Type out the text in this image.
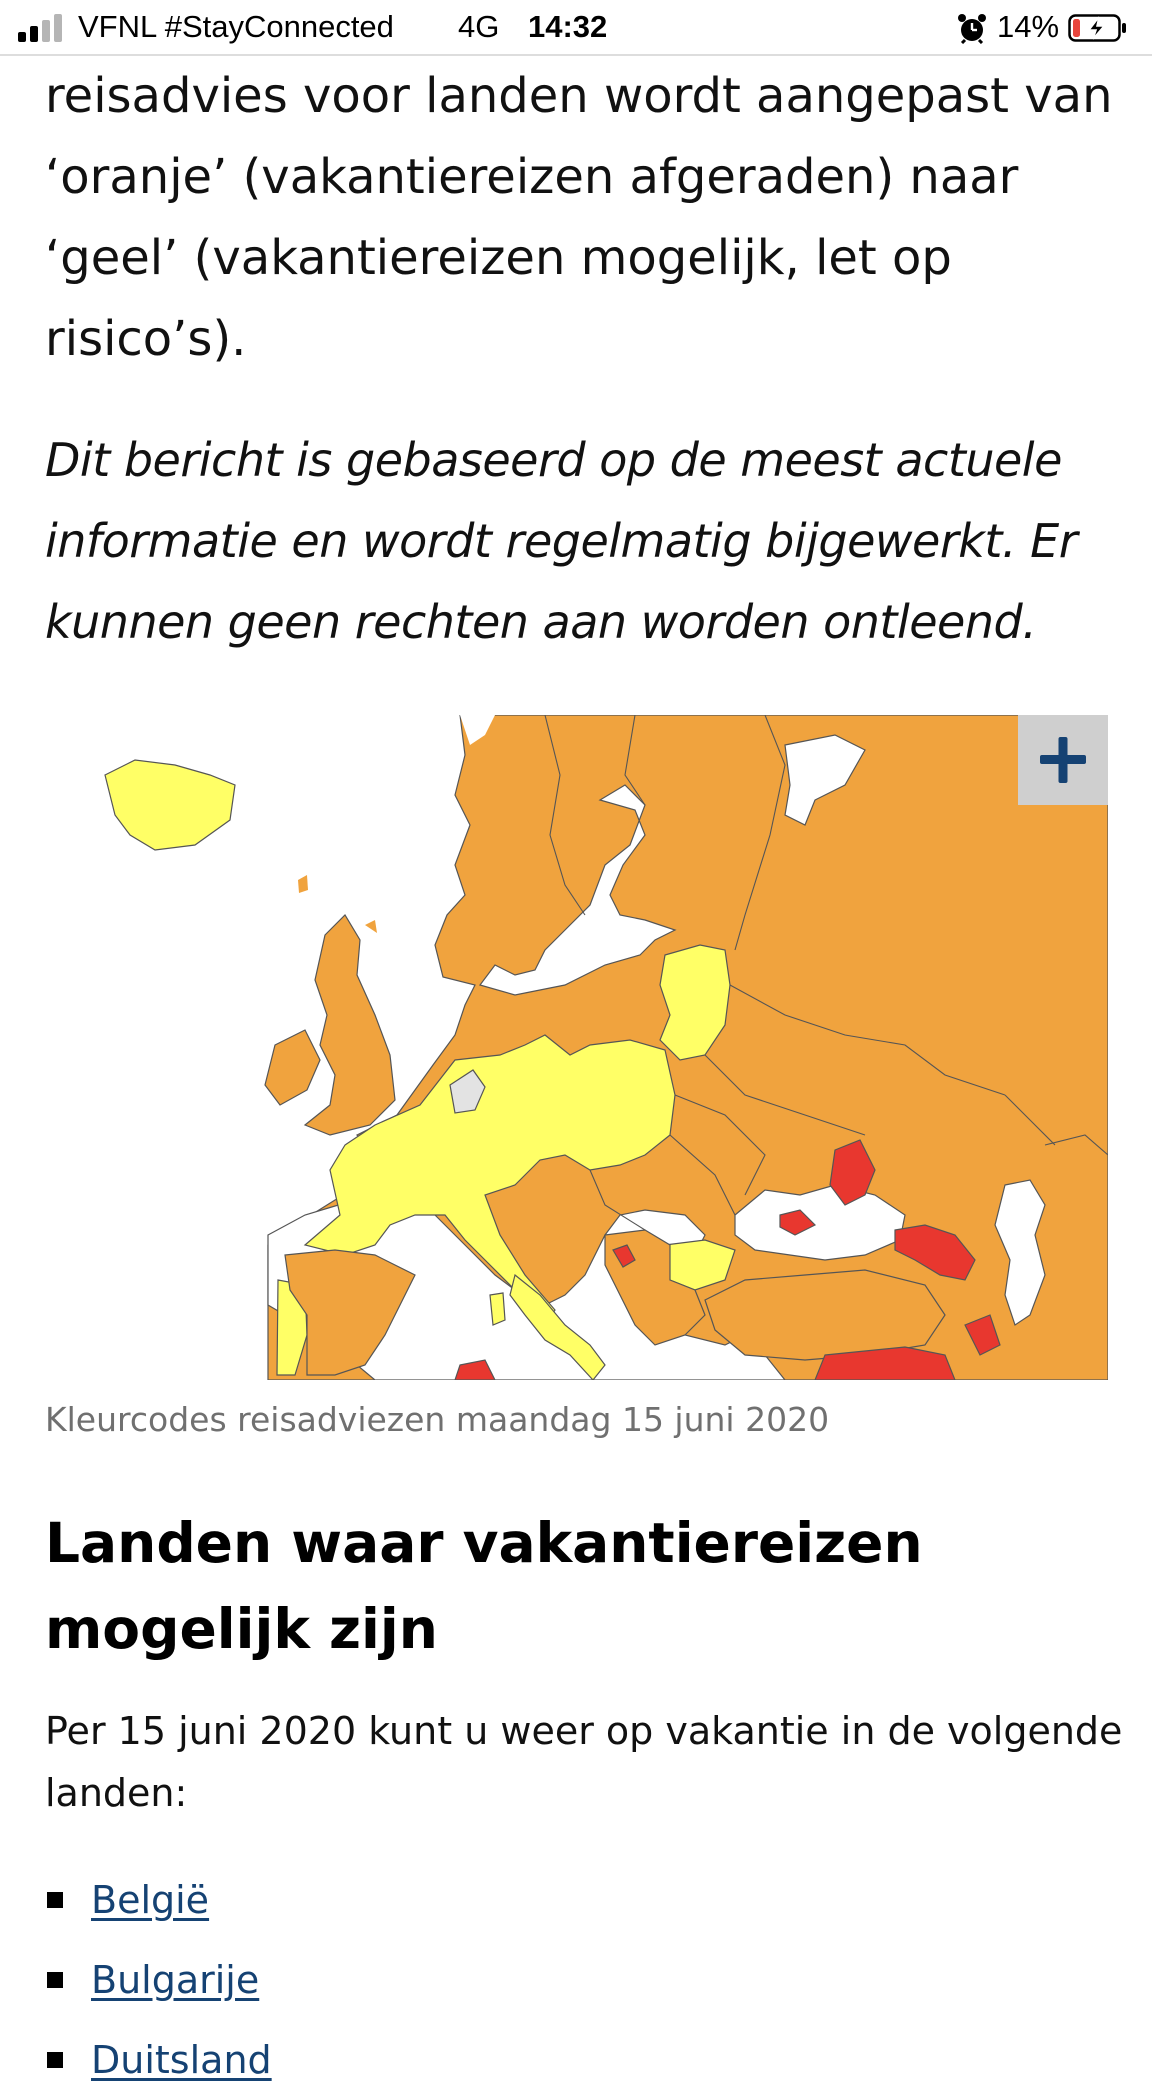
VFNL #StayConnected 4G 14:32	14%

reisadvies voor landen wordt aangepast van ‘oranje’ (vakantiereizen afgeraden) naar ‘geel’ (vakantiereizen mogelijk, let op risico’s).

Dit bericht is gebaseerd op de meest actuele informatie en wordt regelmatig bijgewerkt. Er kunnen geen rechten aan worden ontleend.

Kleurcodes reisadviezen maandag 15 juni 2020
Landen waar vakantiereizen mogelijk zijn

Per 15 juni 2020 kunt u weer op vakantie in de volgende landen:

België
Bulgarije
Duitsland
